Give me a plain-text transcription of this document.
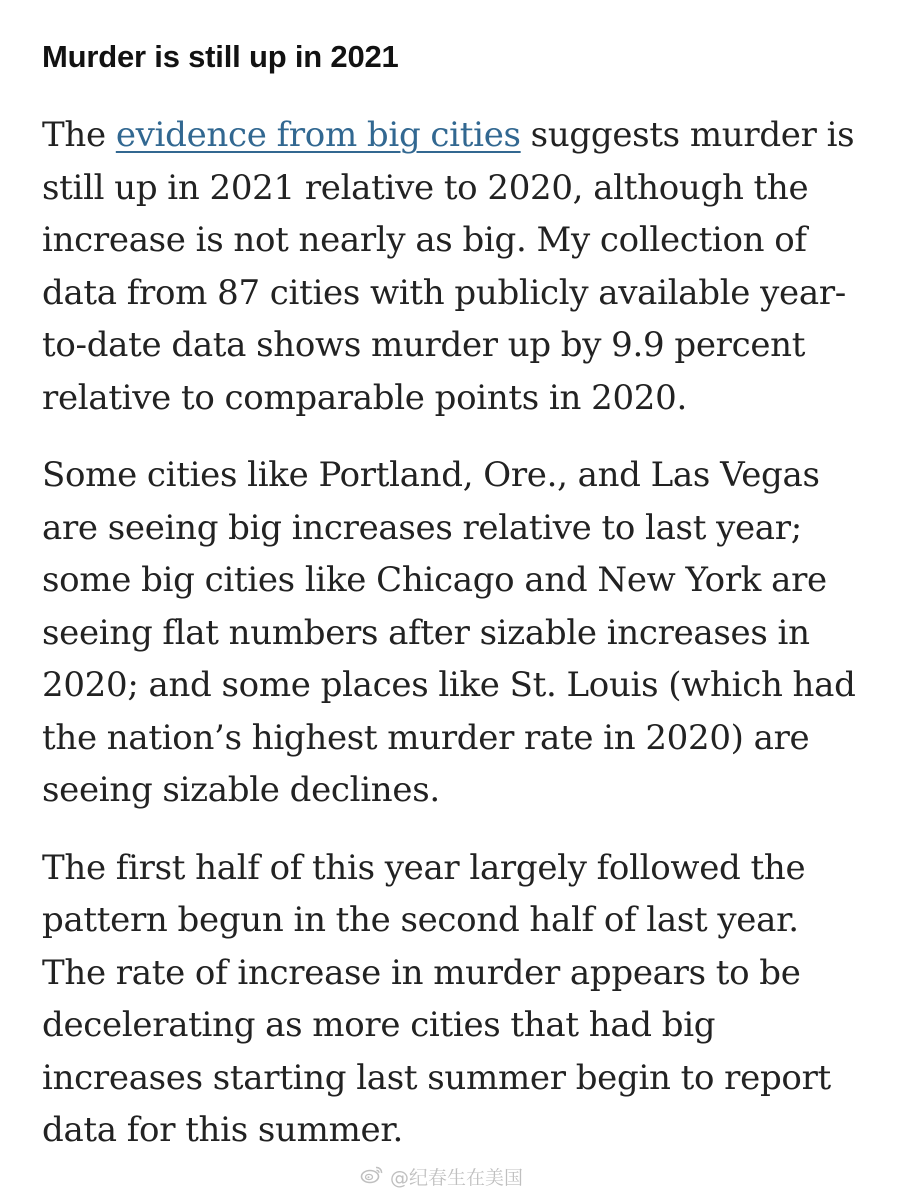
Murder is still up in 2021

The evidence from big cities suggests murder is
still up in 2021 relative to 2020, although the
increase is not nearly as big. My collection of
data from 87 cities with publicly available year-
to-date data shows murder up by 9.9 percent
relative to comparable points in 2020.

Some cities like Portland, Ore., and Las Vegas
are seeing big increases relative to last year;
some big cities like Chicago and New York are
seeing flat numbers after sizable increases in
2020; and some places like St. Louis (which had
the nation’s highest murder rate in 2020) are
seeing sizable declines.

The first half of this year largely followed the
pattern begun in the second half of last year.
The rate of increase in murder appears to be
decelerating as more cities that had big
increases starting last summer begin to report
data for this summer.

@纪春生在美国
